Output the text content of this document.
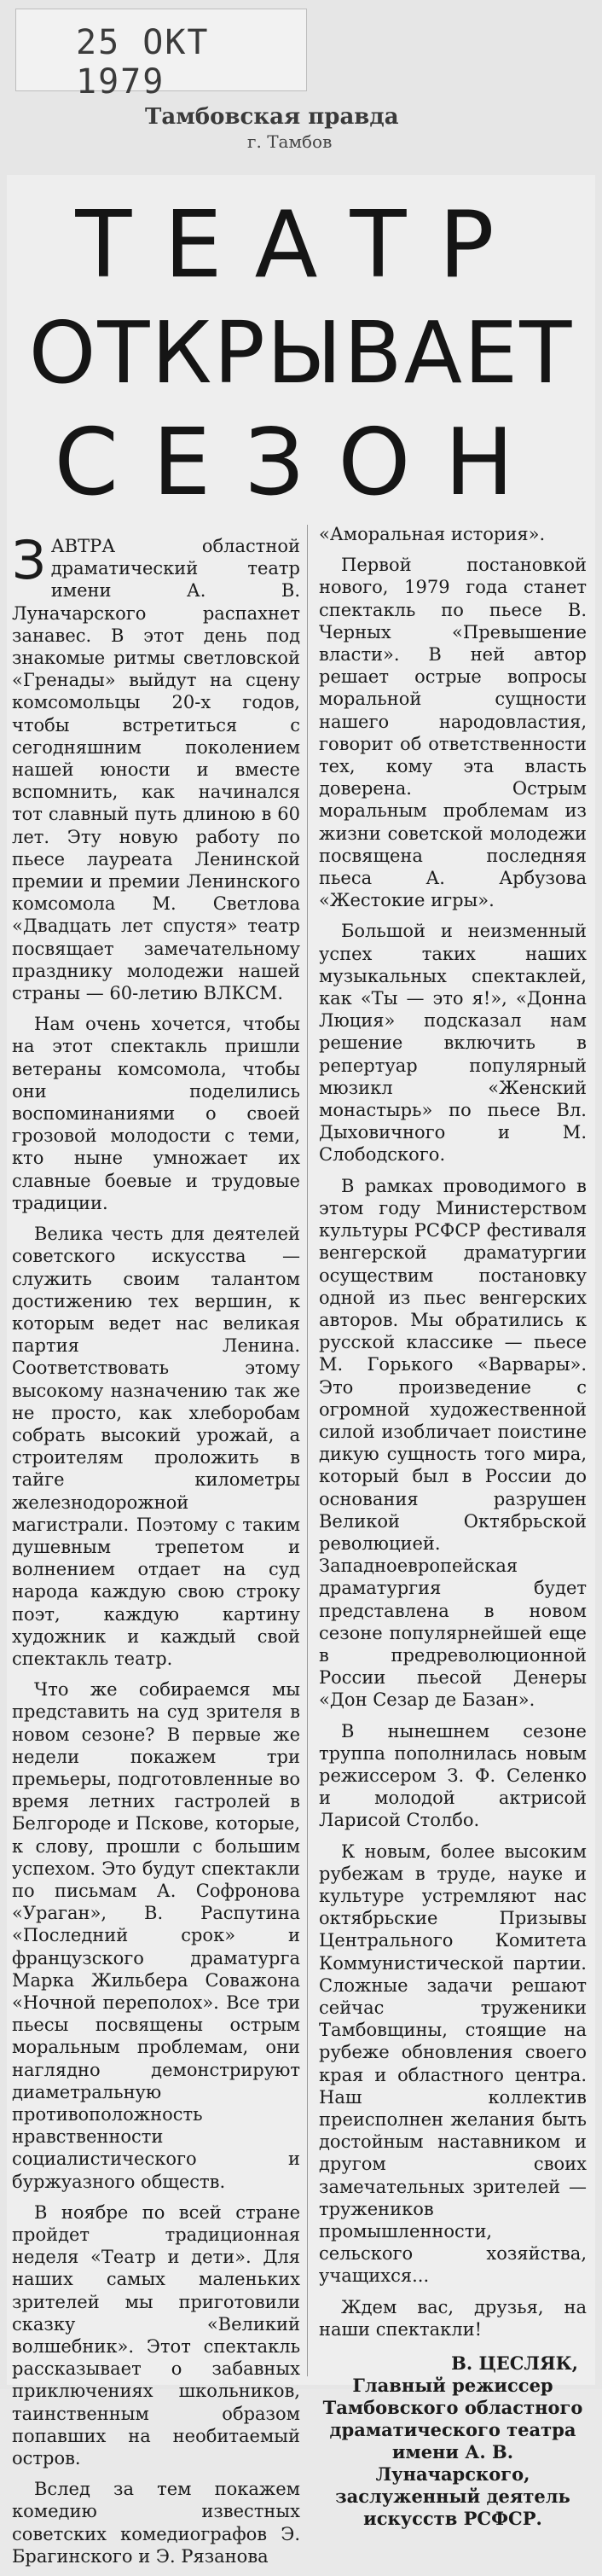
25 ОКТ 1979
Тамбовская правда
г. Тамбов
ТЕАТР
ОТКРЫВАЕТ
СЕЗОН

ЗАВТРА областной драматический театр имени А. В. Луначарского распахнет занавес. В этот день под знакомые ритмы светловской «Гренады» выйдут на сцену комсомольцы 20-х годов, чтобы встретиться с сегодняшним поколением нашей юности и вместе вспомнить, как начинался тот славный путь длиною в 60 лет. Эту новую работу по пьесе лауреата Ленинской премии и премии Ленинского комсомола М. Светлова «Двадцать лет спустя» театр посвящает замечательному празднику молодежи нашей страны — 60-летию ВЛКСМ.

Нам очень хочется, чтобы на этот спектакль пришли ветераны комсомола, чтобы они поделились воспоминаниями о своей грозовой молодости с теми, кто ныне умножает их славные боевые и трудовые традиции.

Велика честь для деятелей советского искусства — служить своим талантом достижению тех вершин, к которым ведет нас великая партия Ленина. Соответствовать этому высокому назначению так же не просто, как хлеборобам собрать высокий урожай, а строителям проложить в тайге километры железнодорожной магистрали. Поэтому с таким душевным трепетом и волнением отдает на суд народа каждую свою строку поэт, каждую картину художник и каждый свой спектакль театр.

Что же собираемся мы представить на суд зрителя в новом сезоне? В первые же недели покажем три премьеры, подготовленные во время летних гастролей в Белгороде и Пскове, которые, к слову, прошли с большим успехом. Это будут спектакли по письмам А. Софронова «Ураган», В. Распутина «Последний срок» и французского драматурга Марка Жильбера Соважона «Ночной переполох». Все три пьесы посвящены острым моральным проблемам, они наглядно демонстрируют диаметральную противоположность нравственности социалистического и буржуазного обществ.

В ноябре по всей стране пройдет традиционная неделя «Театр и дети». Для наших самых маленьких зрителей мы приготовили сказку «Великий волшебник». Этот спектакль рассказывает о забавных приключениях школьников, таинственным образом попавших на необитаемый остров.

Вслед за тем покажем комедию известных советских комедиографов Э. Брагинского и Э. Рязанова

«Аморальная история».

Первой постановкой нового, 1979 года станет спектакль по пьесе В. Черных «Превышение власти». В ней автор решает острые вопросы моральной сущности нашего народовластия, говорит об ответственности тех, кому эта власть доверена. Острым моральным проблемам из жизни советской молодежи посвящена последняя пьеса А. Арбузова «Жестокие игры».

Большой и неизменный успех таких наших музыкальных спектаклей, как «Ты — это я!», «Донна Люция» подсказал нам решение включить в репертуар популярный мюзикл «Женский монастырь» по пьесе Вл. Дыховичного и М. Слободского.

В рамках проводимого в этом году Министерством культуры РСФСР фестиваля венгерской драматургии осуществим постановку одной из пьес венгерских авторов. Мы обратились к русской классике — пьесе М. Горького «Варвары». Это произведение с огромной художественной силой изобличает поистине дикую сущность того мира, который был в России до основания разрушен Великой Октябрьской революцией. Западноевропейская драматургия будет представлена в новом сезоне популярнейшей еще в предреволюционной России пьесой Денеры «Дон Сезар де Базан».

В нынешнем сезоне труппа пополнилась новым режиссером З. Ф. Селенко и молодой актрисой Ларисой Столбо.

К новым, более высоким рубежам в труде, науке и культуре устремляют нас октябрьские Призывы Центрального Комитета Коммунистической партии. Сложные задачи решают сейчас труженики Тамбовщины, стоящие на рубеже обновления своего края и областного центра. Наш коллектив преисполнен желания быть достойным наставником и другом своих замечательных зрителей — тружеников промышленности, сельского хозяйства, учащихся...

Ждем вас, друзья, на наши спектакли!

В. ЦЕСЛЯК,
Главный режиссер Тамбовского областного драматического театра имени А. В. Луначарского, заслуженный деятель искусств РСФСР.
